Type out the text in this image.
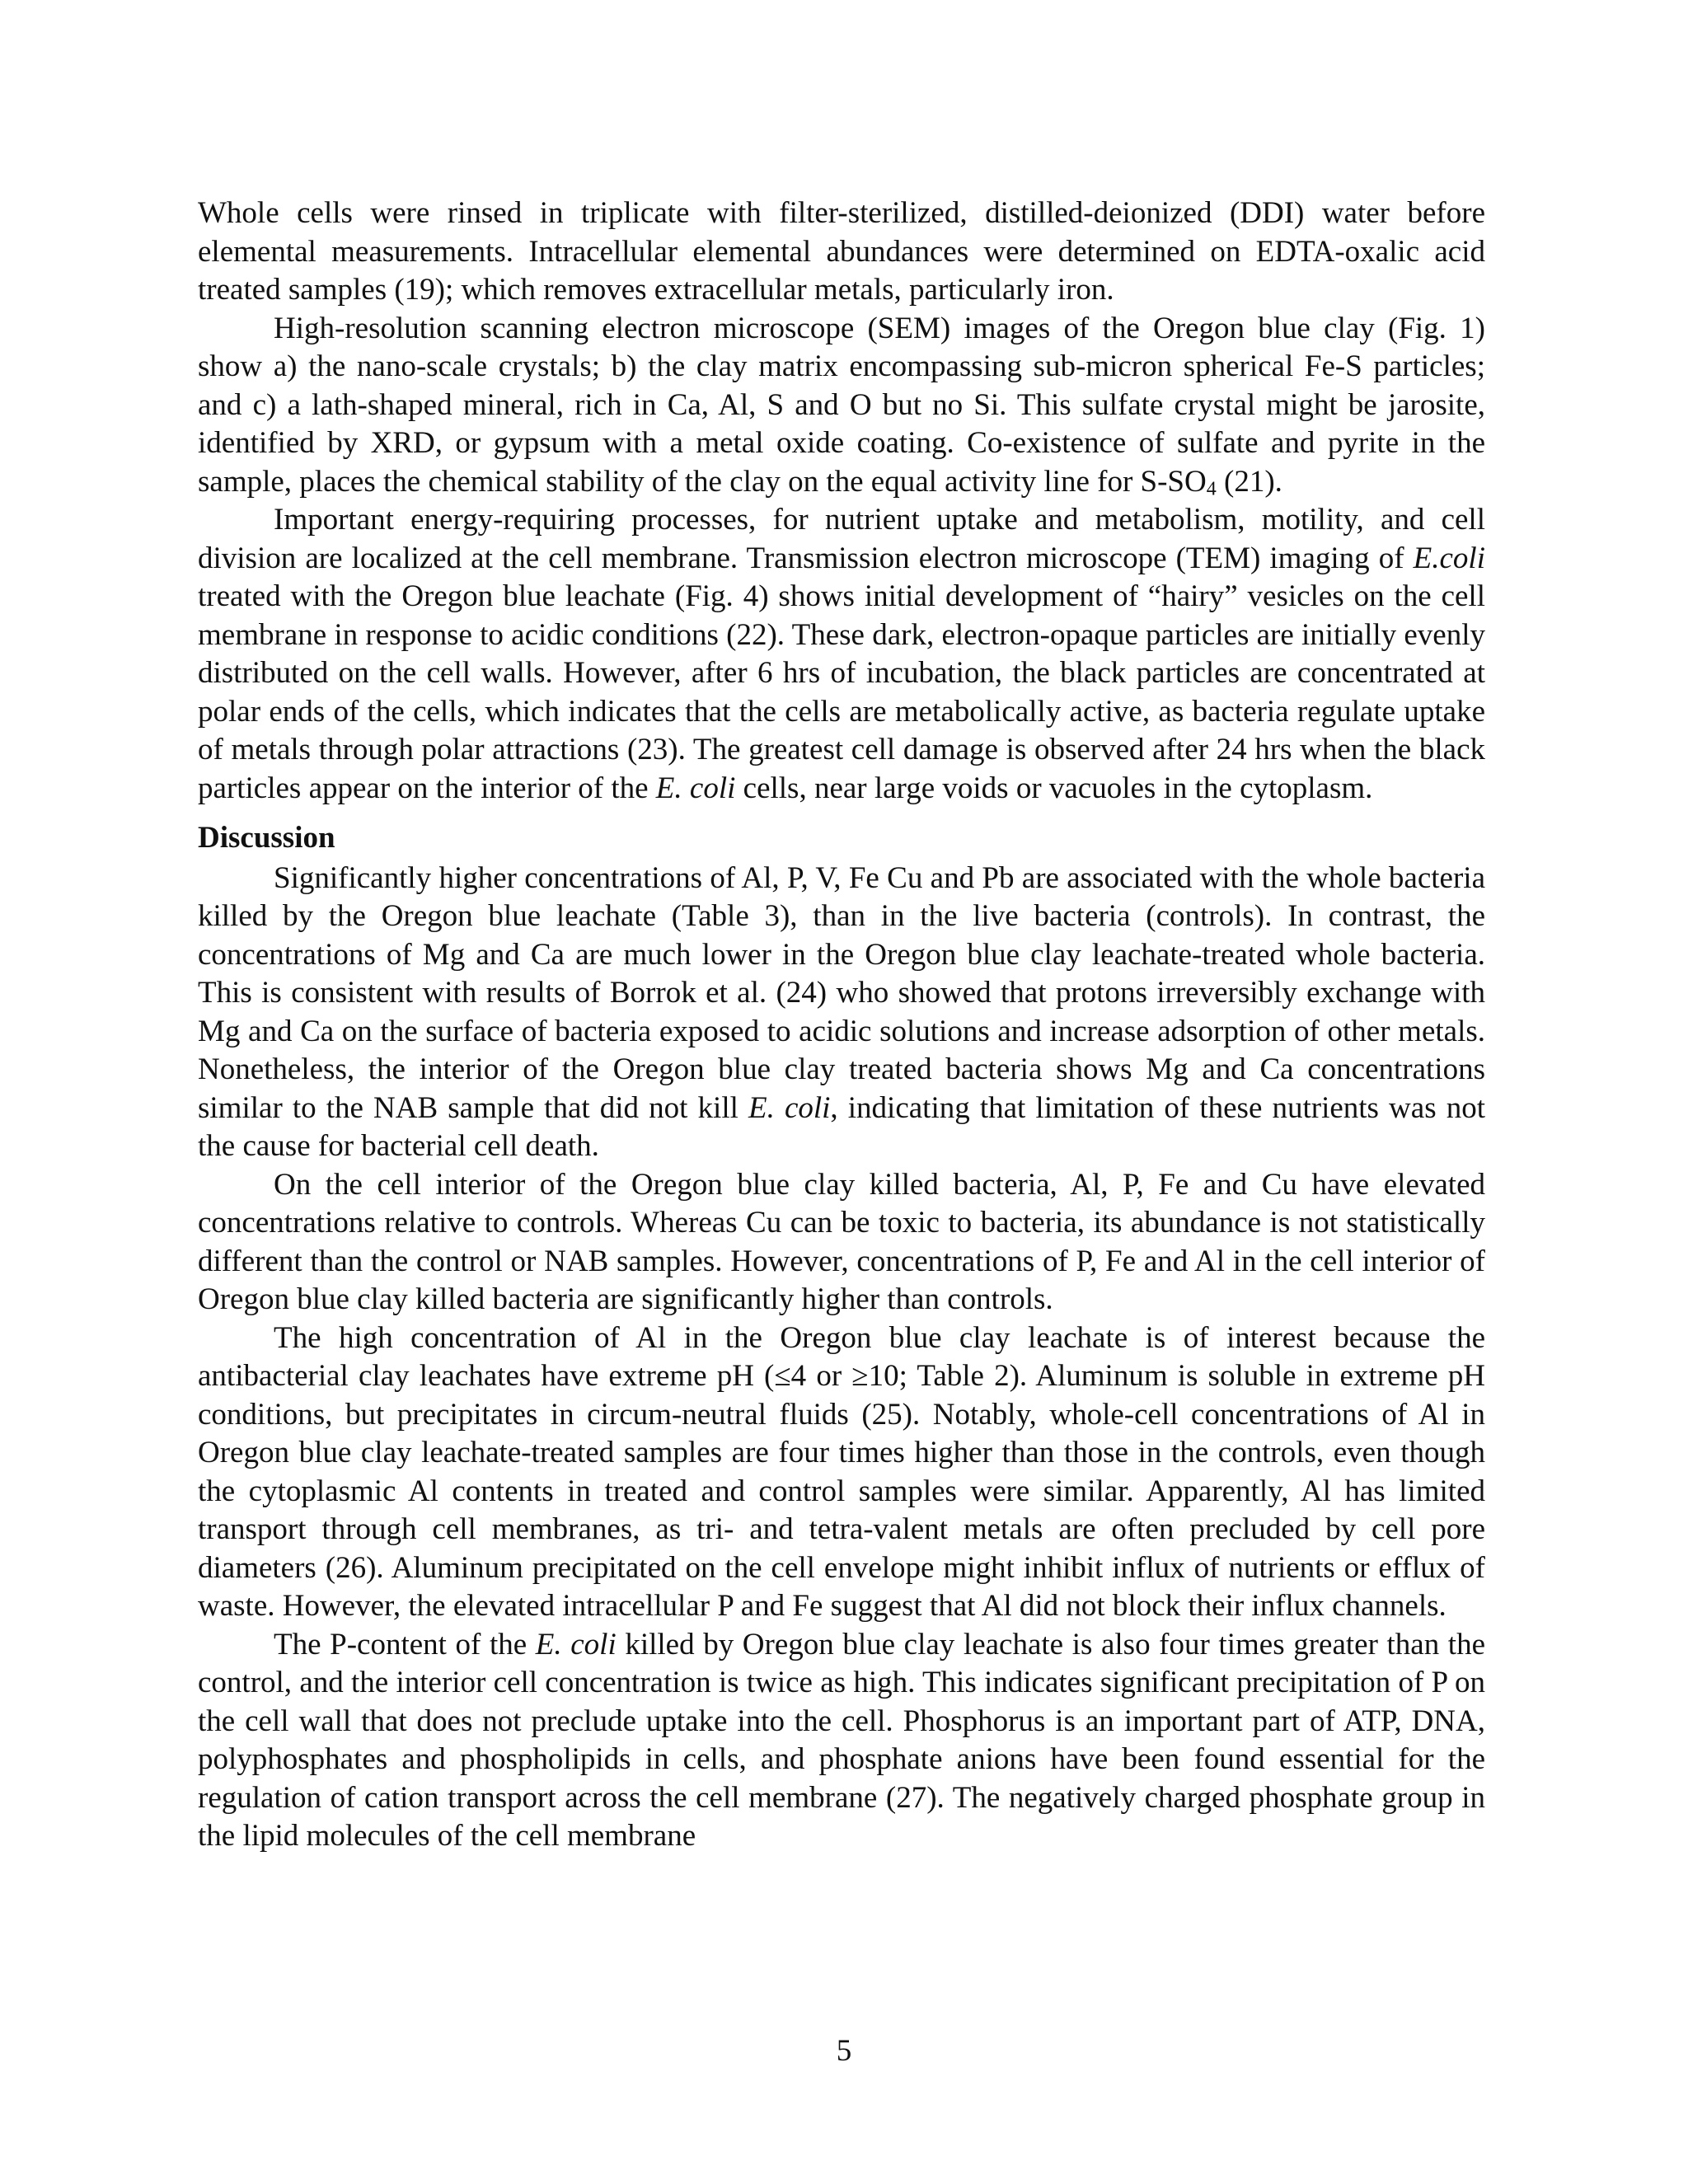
Whole cells were rinsed in triplicate with filter-sterilized, distilled-deionized (DDI) water before elemental measurements. Intracellular elemental abundances were determined on EDTA-oxalic acid treated samples (19); which removes extracellular metals, particularly iron.

High-resolution scanning electron microscope (SEM) images of the Oregon blue clay (Fig. 1) show a) the nano-scale crystals; b) the clay matrix encompassing sub-micron spherical Fe-S particles; and c) a lath-shaped mineral, rich in Ca, Al, S and O but no Si. This sulfate crystal might be jarosite, identified by XRD, or gypsum with a metal oxide coating. Co-existence of sulfate and pyrite in the sample, places the chemical stability of the clay on the equal activity line for $S-SO_4$ (21).

Important energy-requiring processes, for nutrient uptake and metabolism, motility, and cell division are localized at the cell membrane. Transmission electron microscope (TEM) imaging of E.coli treated with the Oregon blue leachate (Fig. 4) shows initial development of “hairy” vesicles on the cell membrane in response to acidic conditions (22). These dark, electron-opaque particles are initially evenly distributed on the cell walls. However, after 6 hrs of incubation, the black particles are concentrated at polar ends of the cells, which indicates that the cells are metabolically active, as bacteria regulate uptake of metals through polar attractions (23). The greatest cell damage is observed after 24 hrs when the black particles appear on the interior of the E. coli cells, near large voids or vacuoles in the cytoplasm.

Discussion

Significantly higher concentrations of Al, P, V, Fe Cu and Pb are associated with the whole bacteria killed by the Oregon blue leachate (Table 3), than in the live bacteria (controls). In contrast, the concentrations of Mg and Ca are much lower in the Oregon blue clay leachate-treated whole bacteria. This is consistent with results of Borrok et al. (24) who showed that protons irreversibly exchange with Mg and Ca on the surface of bacteria exposed to acidic solutions and increase adsorption of other metals. Nonetheless, the interior of the Oregon blue clay treated bacteria shows Mg and Ca concentrations similar to the NAB sample that did not kill E. coli, indicating that limitation of these nutrients was not the cause for bacterial cell death.

On the cell interior of the Oregon blue clay killed bacteria, Al, P, Fe and Cu have elevated concentrations relative to controls. Whereas Cu can be toxic to bacteria, its abundance is not statistically different than the control or NAB samples. However, concentrations of P, Fe and Al in the cell interior of Oregon blue clay killed bacteria are significantly higher than controls.

The high concentration of Al in the Oregon blue clay leachate is of interest because the antibacterial clay leachates have extreme pH (≤4 or ≥10; Table 2). Aluminum is soluble in extreme pH conditions, but precipitates in circum-neutral fluids (25). Notably, whole-cell concentrations of Al in Oregon blue clay leachate-treated samples are four times higher than those in the controls, even though the cytoplasmic Al contents in treated and control samples were similar. Apparently, Al has limited transport through cell membranes, as tri- and tetra-valent metals are often precluded by cell pore diameters (26). Aluminum precipitated on the cell envelope might inhibit influx of nutrients or efflux of waste. However, the elevated intracellular P and Fe suggest that Al did not block their influx channels.

The P-content of the E. coli killed by Oregon blue clay leachate is also four times greater than the control, and the interior cell concentration is twice as high. This indicates significant precipitation of P on the cell wall that does not preclude uptake into the cell. Phosphorus is an important part of ATP, DNA, polyphosphates and phospholipids in cells, and phosphate anions have been found essential for the regulation of cation transport across the cell membrane (27). The negatively charged phosphate group in the lipid molecules of the cell membrane

5
